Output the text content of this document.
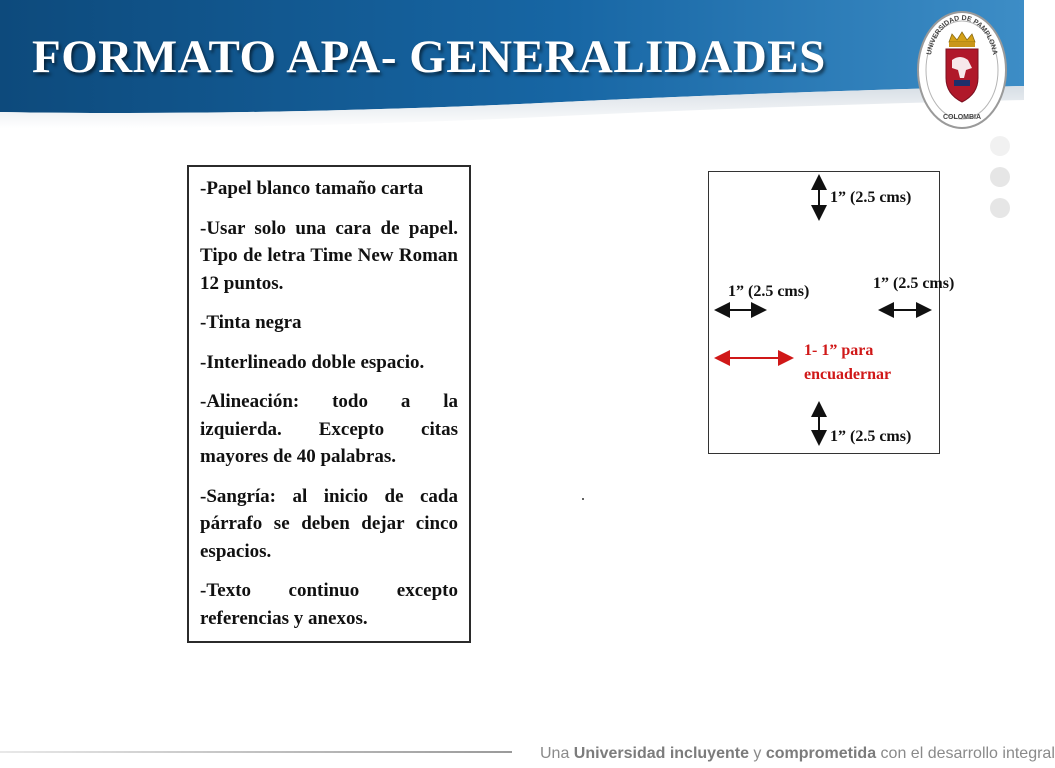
FORMATO APA- GENERALIDADES	UNIVERSIDAD DE PAMPLONA
COLOMBIA

-Papel blanco tamaño carta

-Usar solo una cara de papel. Tipo de letra Time New Roman 12 puntos.

-Tinta negra

-Interlineado doble espacio.

-Alineación: todo a la izquierda. Excepto citas mayores de 40 palabras.

-Sangría: al inicio de cada párrafo se deben dejar cinco espacios.

-Texto continuo excepto referencias y anexos.

1” (2.5 cms)
1” (2.5 cms)	1” (2.5 cms)
1- 1” para
encuadernar
1” (2.5 cms)
Una Universidad incluyente y comprometida con el desarrollo integral
